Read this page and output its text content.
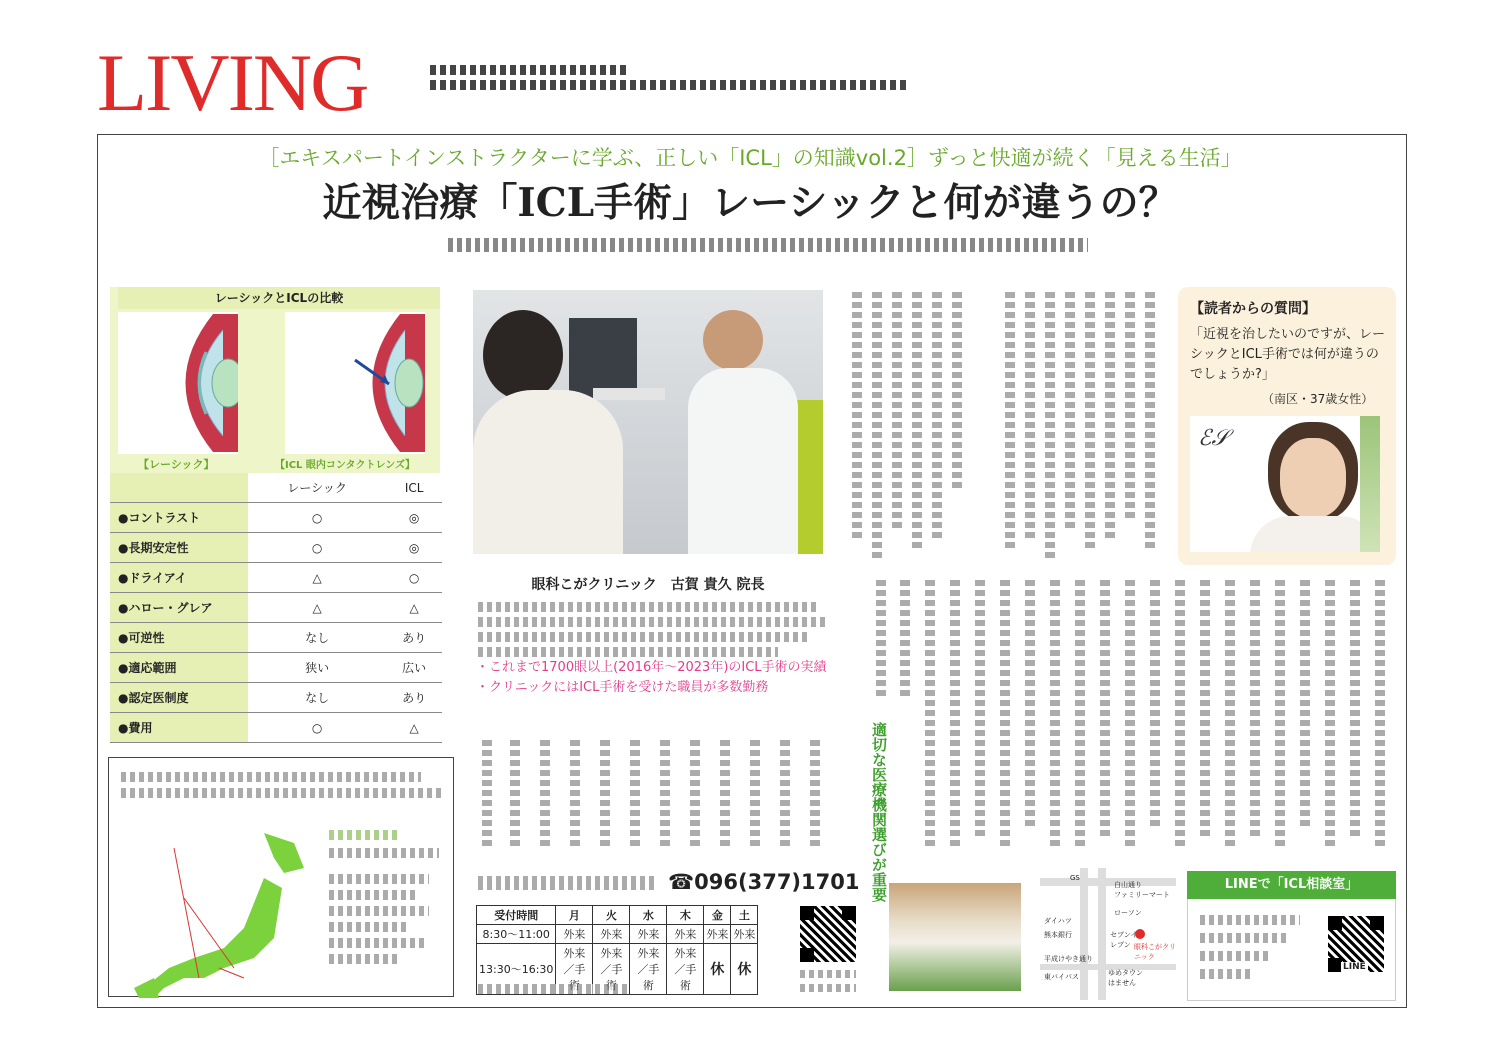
LIVING
［エキスパートインストラクターに学ぶ、正しい「ICL」の知識vol.2］ずっと快適が続く「見える生活」
近視治療「ICL手術」レーシックと何が違うの？
レーシックとICLの比較
【レーシック】	【ICL 眼内コンタクトレンズ】
	レーシック	ICL
●コントラスト	○	◎
●長期安定性	○	◎
●ドライアイ	△	○
●ハロー・グレア	△	△
●可逆性	なし	あり
●適応範囲	狭い	広い
●認定医制度	なし	あり
●費用	○	△
眼科こがクリニック　古賀 貴久 院長
・これまで1700眼以上(2016年～2023年)のICL手術の実績
・クリニックにはICL手術を受けた職員が多数勤務
適切な医療機関選びが重要
【読者からの質問】
「近視を治したいのですが、レーシックとICL手術では何が違うのでしょうか?」
（南区・37歳女性）
ℰ𝒮
☎096(377)1701
受付時間	月	火	水	木	金	土
8:30～11:00	外来	外来	外来	外来	外来	外来
13:30～16:30	外来／手	外来／手	外来／手術	外来／手術	休	休
GS
白山通り
ファミリーマート
ローソン
ダイハツ
熊本銀行	セブンイレブン 眼科こがクリニック
平成けやき通り
東バイパス	ゆめタウンはません
LINEで「ICL相談室」
LINE
